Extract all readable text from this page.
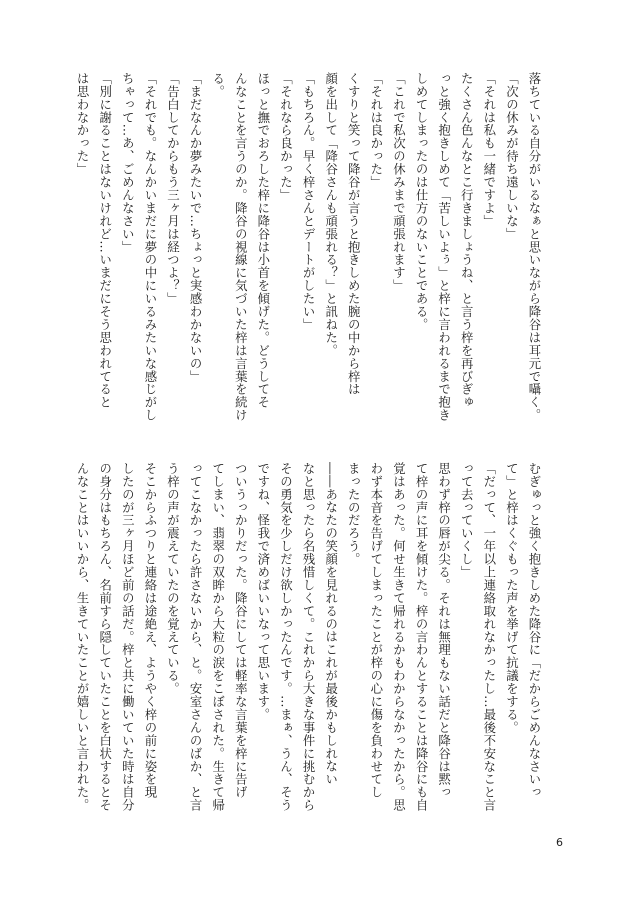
落ちている自分がいるなぁと思いながら降谷は耳元で囁く。

「次の休みが待ち遠しいな」

「それは私も一緒ですよ」

たくさん色んなとこ行きましょうね、と言う梓を再びぎゅ

っと強く抱きしめて「苦しいよぅ」と梓に言われるまで抱き

しめてしまったのは仕方のないことである。

「これで私次の休みまで頑張れます」

「それは良かった」

くすりと笑って降谷が言うと抱きしめた腕の中から梓は

顔を出して「降谷さんも頑張れる？」と訊ねた。

「もちろん。早く梓さんとデートがしたい」

「それなら良かった」

ほっと撫でおろした梓に降谷は小首を傾げた。どうしてそ

んなことを言うのか。降谷の視線に気づいた梓は言葉を続け

る。

「まだなんか夢みたいで…ちょっと実感わかないの」

「告白してからもう三ヶ月は経つよ？」

「それでも。なんかいまだに夢の中にいるみたいな感じがし

ちゃって…あ、ごめんなさい」

「別に謝ることはないけれど…いまだにそう思われてると

は思わなかった」

むぎゅっと強く抱きしめた降谷に「だからごめんなさいっ

て」と梓はくぐもった声を挙げて抗議をする。

「だって、一年以上連絡取れなかったし…最後不安なこと言

って去っていくし」

思わず梓の唇が尖る。それは無理もない話だと降谷は黙っ

て梓の声に耳を傾けた。梓の言わんとすることは降谷にも自

覚はあった。何せ生きて帰れるかもわからなかったから。思

わず本音を告げてしまったことが梓の心に傷を負わせてし

まったのだろう。

――あなたの笑顔を見れるのはこれが最後かもしれない

なと思ったら名残惜しくて。これから大きな事件に挑むから

その勇気を少しだけ欲しかったんです。…まぁ、うん、そう

ですね、怪我で済めばいいなって思います。

ついうっかりだった。降谷にしては軽率な言葉を梓に告げ

てしまい、翡翠の双眸から大粒の涙をこぼされた。生きて帰

ってこなかったら許さないから、と。安室さんのばか、と言

う梓の声が震えていたのを覚えている。

そこからふつりと連絡は途絶え、ようやく梓の前に姿を現

したのが三ヶ月ほど前の話だ。梓と共に働いていた時は自分

の身分はもちろん、名前すら隠していたことを白状するとそ

んなことはいいから、生きていたことが嬉しいと言われた。

6
